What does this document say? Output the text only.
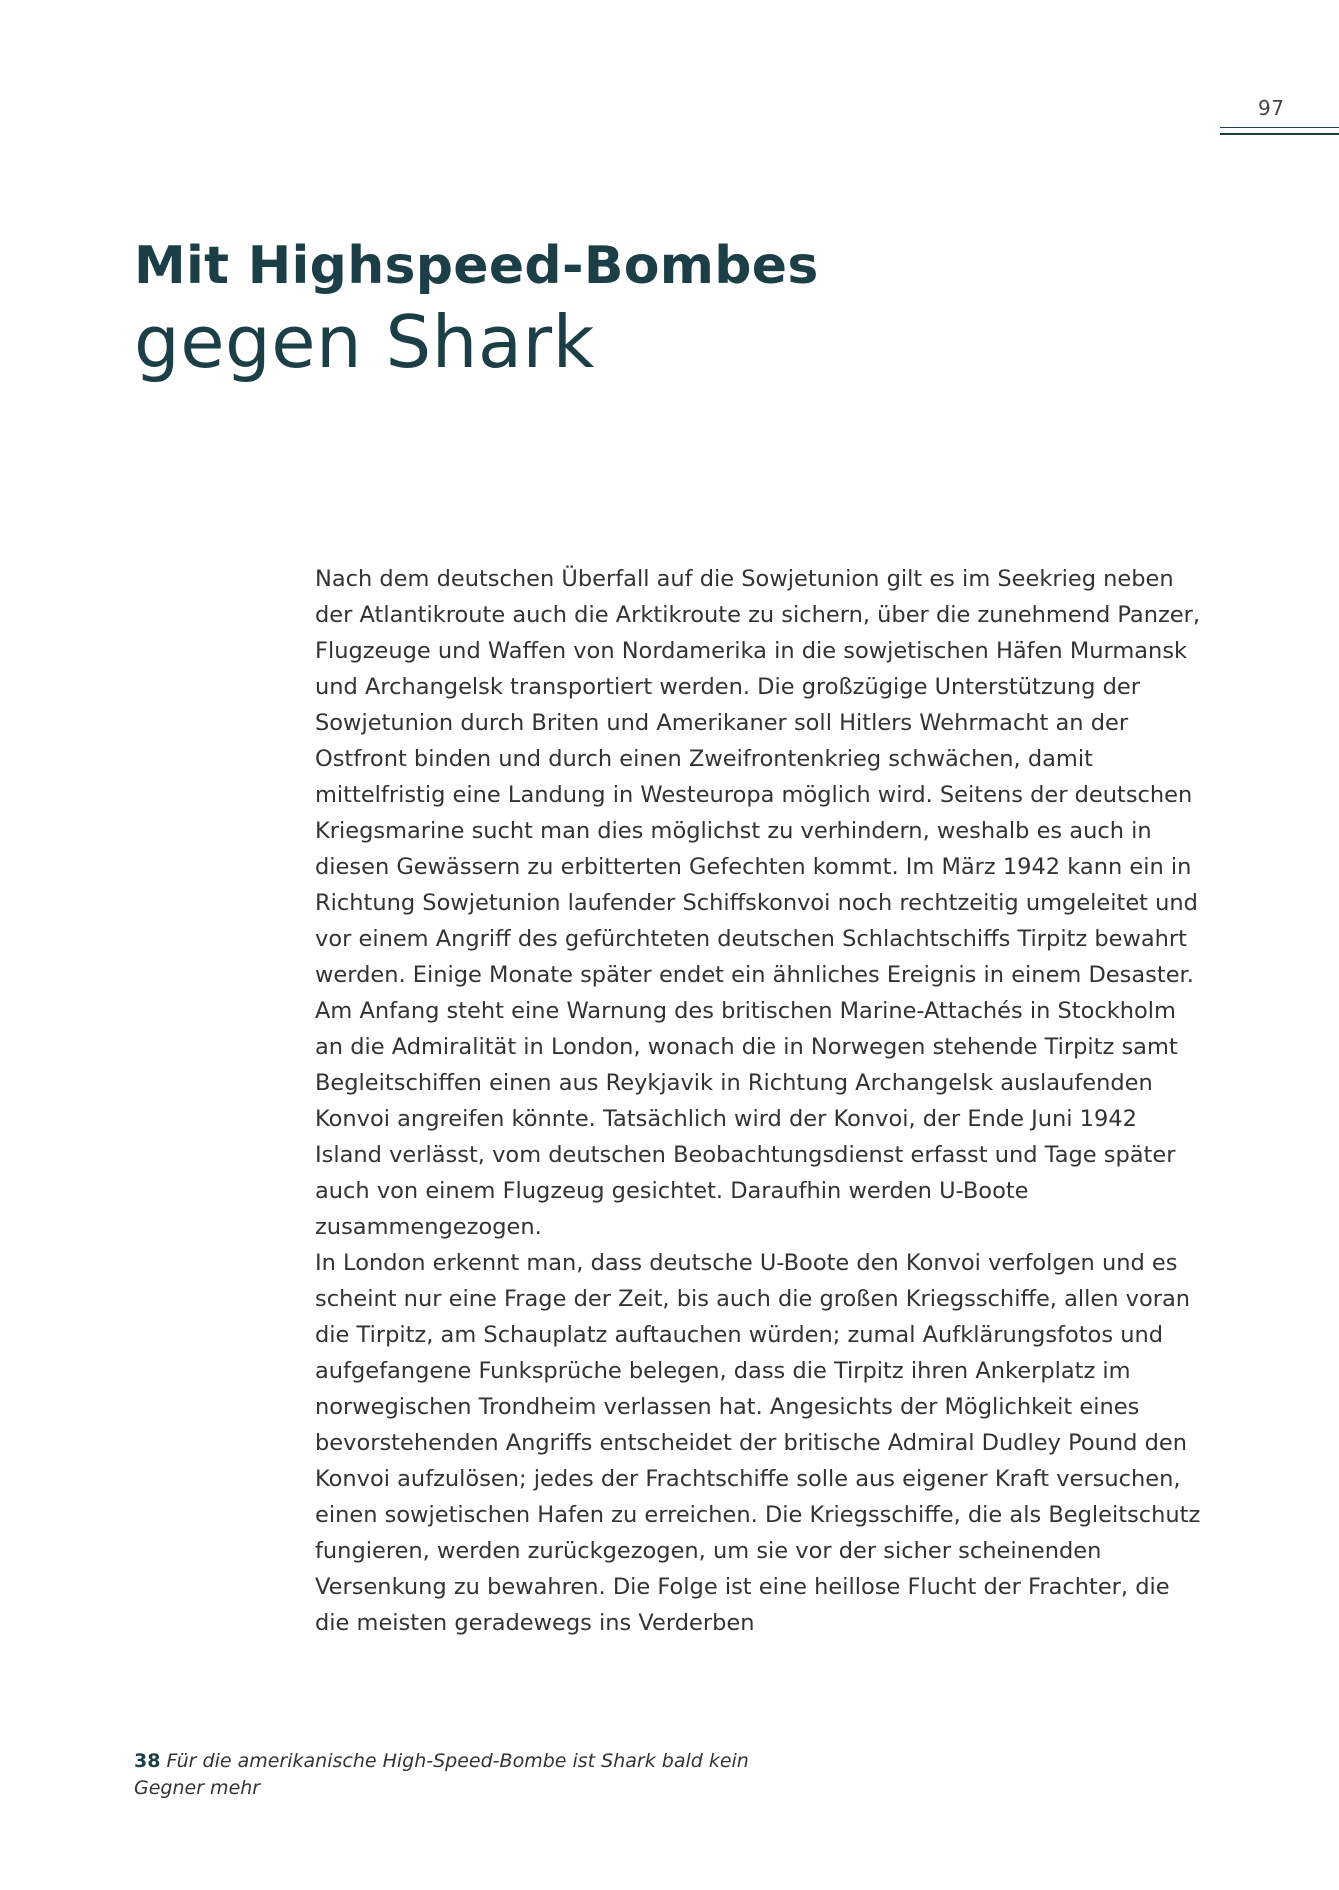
97
Mit Highspeed-Bombes
gegen Shark

Nach dem deutschen Überfall auf die Sowjetunion gilt es im Seekrieg neben der Atlantikroute auch die Arktikroute zu sichern, über die zunehmend Panzer, Flugzeuge und Waffen von Nordamerika in die sowjetischen Häfen Murmansk und Archangelsk transportiert werden. Die großzügige Unterstützung der Sowjetunion durch Briten und Amerikaner soll Hitlers Wehrmacht an der Ostfront binden und durch einen Zweifrontenkrieg schwächen, damit mittelfristig eine Landung in Westeuropa möglich wird. Seitens der deutschen Kriegsmarine sucht man dies möglichst zu verhindern, weshalb es auch in diesen Gewässern zu erbitterten Gefechten kommt. Im März 1942 kann ein in Richtung Sowjetunion laufender Schiffskonvoi noch rechtzeitig umgeleitet und vor einem Angriff des gefürchteten deutschen Schlachtschiffs Tirpitz bewahrt werden. Einige Monate später endet ein ähnliches Ereignis in einem Desaster.

Am Anfang steht eine Warnung des britischen Marine-Attachés in Stockholm an die Admiralität in London, wonach die in Norwegen stehende Tirpitz samt Begleitschiffen einen aus Reykjavik in Richtung Archangelsk auslaufenden Konvoi angreifen könnte. Tatsächlich wird der Konvoi, der Ende Juni 1942 Island verlässt, vom deutschen Beobachtungsdienst erfasst und Tage später auch von einem Flugzeug gesichtet. Daraufhin werden U-Boote zusammengezogen.

In London erkennt man, dass deutsche U-Boote den Konvoi verfolgen und es scheint nur eine Frage der Zeit, bis auch die großen Kriegsschiffe, allen voran die Tirpitz, am Schauplatz auftauchen würden; zumal Aufklärungsfotos und aufgefangene Funksprüche belegen, dass die Tirpitz ihren Ankerplatz im norwegischen Trondheim verlassen hat. Angesichts der Möglichkeit eines bevorstehenden Angriffs entscheidet der britische Admiral Dudley Pound den Konvoi aufzulösen; jedes der Frachtschiffe solle aus eigener Kraft versuchen, einen sowjetischen Hafen zu erreichen. Die Kriegsschiffe, die als Begleitschutz fungieren, werden zurückgezogen, um sie vor der sicher scheinenden Versenkung zu bewahren. Die Folge ist eine heillose Flucht der Frachter, die die meisten geradewegs ins Verderben

38 Für die amerikanische High-Speed-Bombe ist Shark bald kein Gegner mehr
